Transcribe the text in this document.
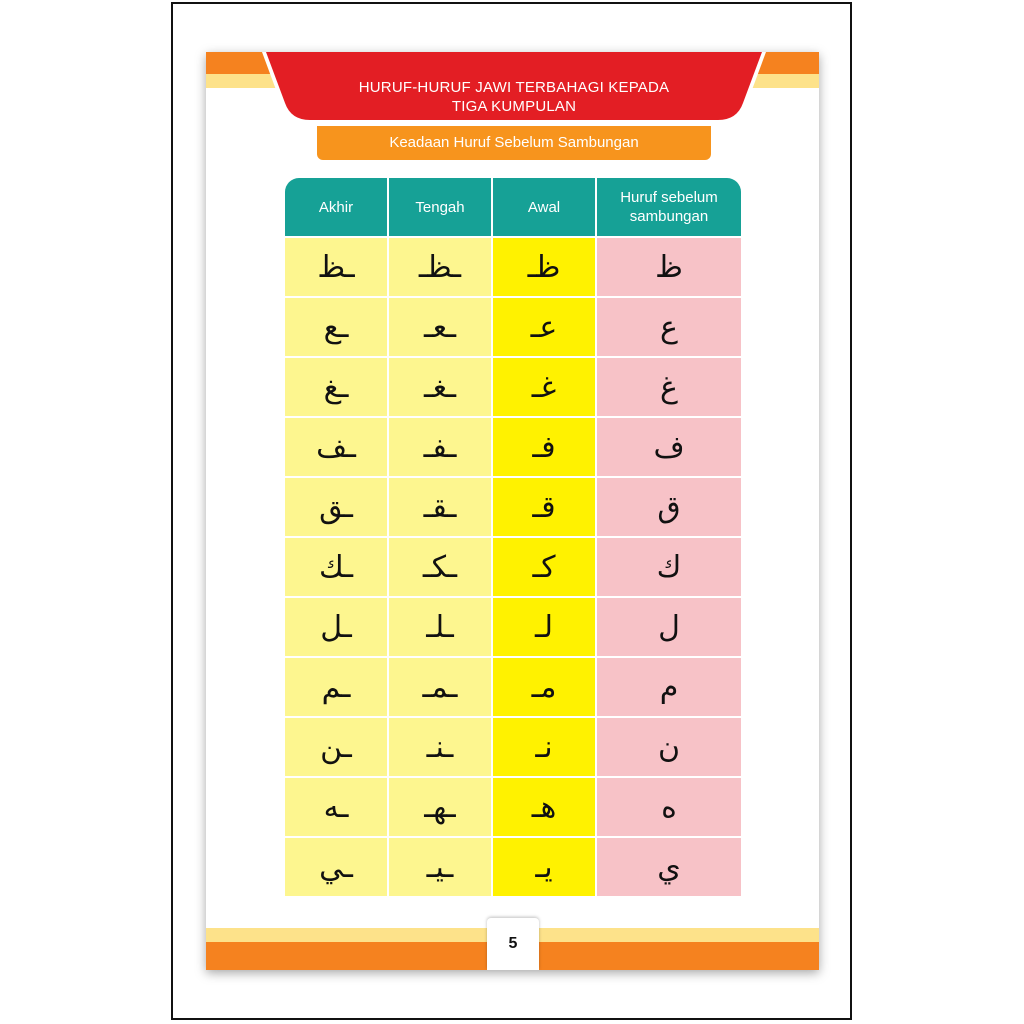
HURUF-HURUF JAWI TERBAHAGI KEPADA
TIGA KUMPULAN
Keadaan Huruf Sebelum Sambungan
Akhir	Tengah	Awal	Huruf sebelum
sambungan

ـظ	ـظـ	ظـ	ظ
ـع	ـعـ	عـ	ع
ـغ	ـغـ	غـ	غ
ـف	ـفـ	فـ	ف
ـق	ـقـ	قـ	ق
ـك	ـكـ	كـ	ك
ـل	ـلـ	لـ	ل
ـم	ـمـ	مـ	م
ـن	ـنـ	نـ	ن
ـه	ـهـ	هـ	ه
ـي	ـيـ	يـ	ي
5
